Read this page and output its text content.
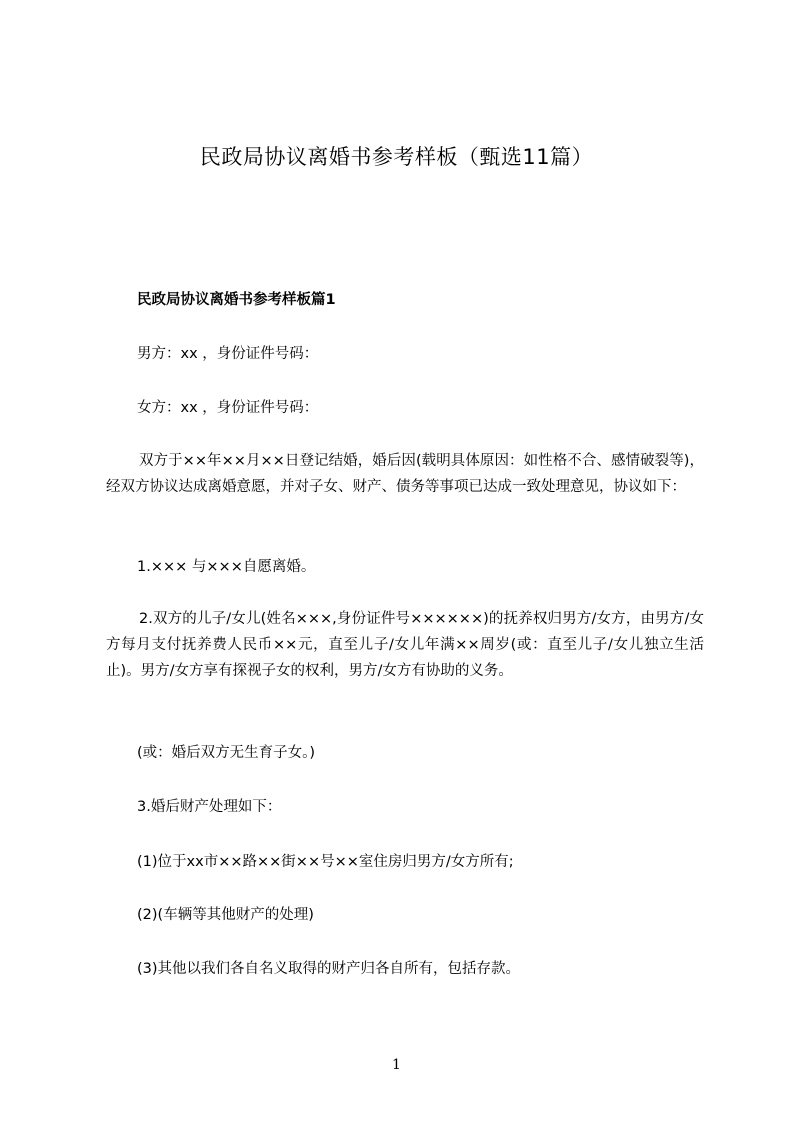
民政局协议离婚书参考样板（甄选11篇）
民政局协议离婚书参考样板篇1
男方：xx ，身份证件号码：
女方：xx ，身份证件号码：
双方于××年××月××日登记结婚，婚后因(载明具体原因：如性格不合、感情破裂等)，经双方协议达成离婚意愿，并对子女、财产、债务等事项已达成一致处理意见，协议如下：
1.××× 与×××自愿离婚。
2.双方的儿子/女儿(姓名×××,身份证件号××××××)的抚养权归男方/女方，由男方/女方每月支付抚养费人民币××元，直至儿子/女儿年满××周岁(或：直至儿子/女儿独立生活止)。男方/女方享有探视子女的权利，男方/女方有协助的义务。
(或：婚后双方无生育子女。)
3.婚后财产处理如下：
(1)位于xx市××路××街××号××室住房归男方/女方所有;
(2)(车辆等其他财产的处理)
(3)其他以我们各自名义取得的财产归各自所有，包括存款。
1
